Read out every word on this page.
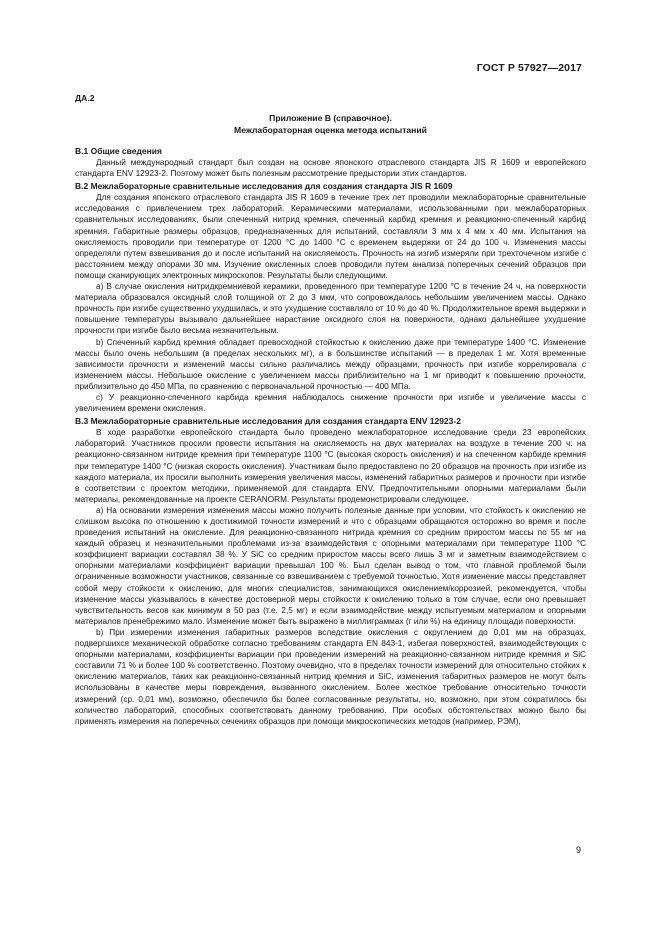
ГОСТ Р 57927—2017
ДА.2
Приложение В (справочное).
Межлабораторная оценка метода испытаний
В.1 Общие сведения

Данный международный стандарт был создан на основе японского отраслевого стандарта JIS R 1609 и европейского стандарта ENV 12923-2. Поэтому может быть полезным рассмотрение предыстории этих стандартов.

В.2 Межлабораторные сравнительные исследования для создания стандарта JIS R 1609

Для создания японского отраслевого стандарта JIS R 1609 в течение трех лет проводили межлабораторные сравнительные исследования с привлечением трех лабораторий. Керамическими материалами, использованными при межлабораторных сравнительных исследованиях, были спеченный нитрид кремния, спеченный карбид кремния и реакционно-спеченный карбид кремния. Габаритные размеры образцов, предназначенных для испытаний, составляли 3 мм х 4 мм х 40 мм. Испытания на окисляемость проводили при температуре от 1200 °С до 1400 °С с временем выдержки от 24 до 100 ч. Изменения массы определяли путем взвешивания до и после испытаний на окисляемость. Прочность на изгиб измеряли при трехточечном изгибе с расстоянием между опорами 30 мм. Изучение окисленных слоев проводили путем анализа поперечных сечений образцов при помощи сканирующих электронных микроскопов. Результаты были следующими.

а) В случае окисления нитридкремниевой керамики, проведенного при температуре 1200 °С в течение 24 ч, на поверхности материала образовался оксидный слой толщиной от 2 до 3 мкм, что сопровождалось небольшим увеличением массы. Однако прочность при изгибе существенно ухудшилась, и это ухудшение составляло от 10 % до 40 %. Продолжительное время выдержки и повышение температуры вызывало дальнейшее нарастание оксидного слоя на поверхности, однако дальнейшее ухудшение прочности при изгибе было весьма незначительным.

b) Спеченный карбид кремния обладает превосходной стойкостью к окислению даже при температуре 1400 °С. Изменение массы было очень небольшим (в пределах нескольких мг), а в большинстве испытаний — в пределах 1 мг. Хотя временные зависимости прочности и изменений массы сильно различались между образцами, прочность при изгибе коррелировала с изменением массы. Небольшое окисление с увеличением массы приблизительно на 1 мг приводит к повышению прочности, приблизительно до 450 МПа, по сравнению с первоначальной прочностью — 400 МПа.

c) У реакционно-спеченного карбида кремния наблюдалось снижение прочности при изгибе и увеличение массы с увеличением времени окисления.

В.3 Межлабораторные сравнительные исследования для создания стандарта ENV 12923-2

В ходе разработки европейского стандарта было проведено межлабораторное исследование среди 23 европейских лабораторий. Участников просили провести испытания на окисляемость на двух материалах на воздухе в течение 200 ч: на реакционно-связанном нитриде кремния при температуре 1100 °С (высокая скорость окисления) и на спеченном карбиде кремния при температуре 1400 °С (низкая скорость окисления). Участникам было предоставлено по 20 образцов на прочность при изгибе из каждого материала, их просили выполнить измерения увеличения массы, изменений габаритных размеров и прочности при изгибе в соответствии с проектом методики, применяемой для стандарта ENV. Предпочтительными опорными материалами были материалы, рекомендованные на проекте CERANORM. Результаты продемонстрировали следующее.

а) На основании измерения изменения массы можно получить полезные данные при условии, что стойкость к окислению не слишком высока по отношению к достижимой точности измерений и что с образцами обращаются осторожно во время и после проведения испытаний на окисление. Для реакционно-связанного нитрида кремния со средним приростом массы по 55 мг на каждый образец и незначительными проблемами из-за взаимодействия с опорными материалами при температуре 1100 °С коэффициент вариации составлял 38 %. У SiC со средним приростом массы всего лишь 3 мг и заметным взаимодействием с опорными материалами коэффициент вариации превышал 100 %. Был сделан вывод о том, что главной проблемой были ограниченные возможности участников, связанные со взвешиванием с требуемой точностью. Хотя изменение массы представляет собой меру стойкости к окислению, для многих специалистов, занимающихся окислением/коррозией, рекомендуется, чтобы изменение массы указывалось в качестве достоверной меры стойкости к окислению только в том случае, если оно превышает чувствительность весов как минимум в 50 раз (т.е. 2,5 мг) и если взаимодействие между испытуемым материалом и опорными материалов пренебрежимо мало. Изменение может быть выражено в миллиграммах (г или %) на единицу площади поверхности.

b) При измерении изменения габаритных размеров вследствие окисления с округлением до 0,01 мм на образцах, подвергшихся механической обработке согласно требованиям стандарта EN 843-1, избегая поверхностей, взаимодействующих с опорными материалами, коэффициенты вариации при проведении измерений на реакционно-связанном нитриде кремния и SiC составили 71 % и более 100 % соответственно. Поэтому очевидно, что в пределах точности измерений для относительно стойких к окислению материалов, таких как реакционно-связанный нитрид кремния и SiC, изменения габаритных размеров не могут быть использованы в качестве меры повреждения, вызванного окислением. Более жесткое требование относительно точности измерений (ср. 0,01 мм), возможно, обеспечило бы более согласованные результаты, но, возможно, при этом сократилось бы количество лабораторий, способных соответствовать данному требованию. При особых обстоятельствах можно было бы применять измерения на поперечных сечениях образцов при помощи микроскопических методов (например, РЭМ),

9
